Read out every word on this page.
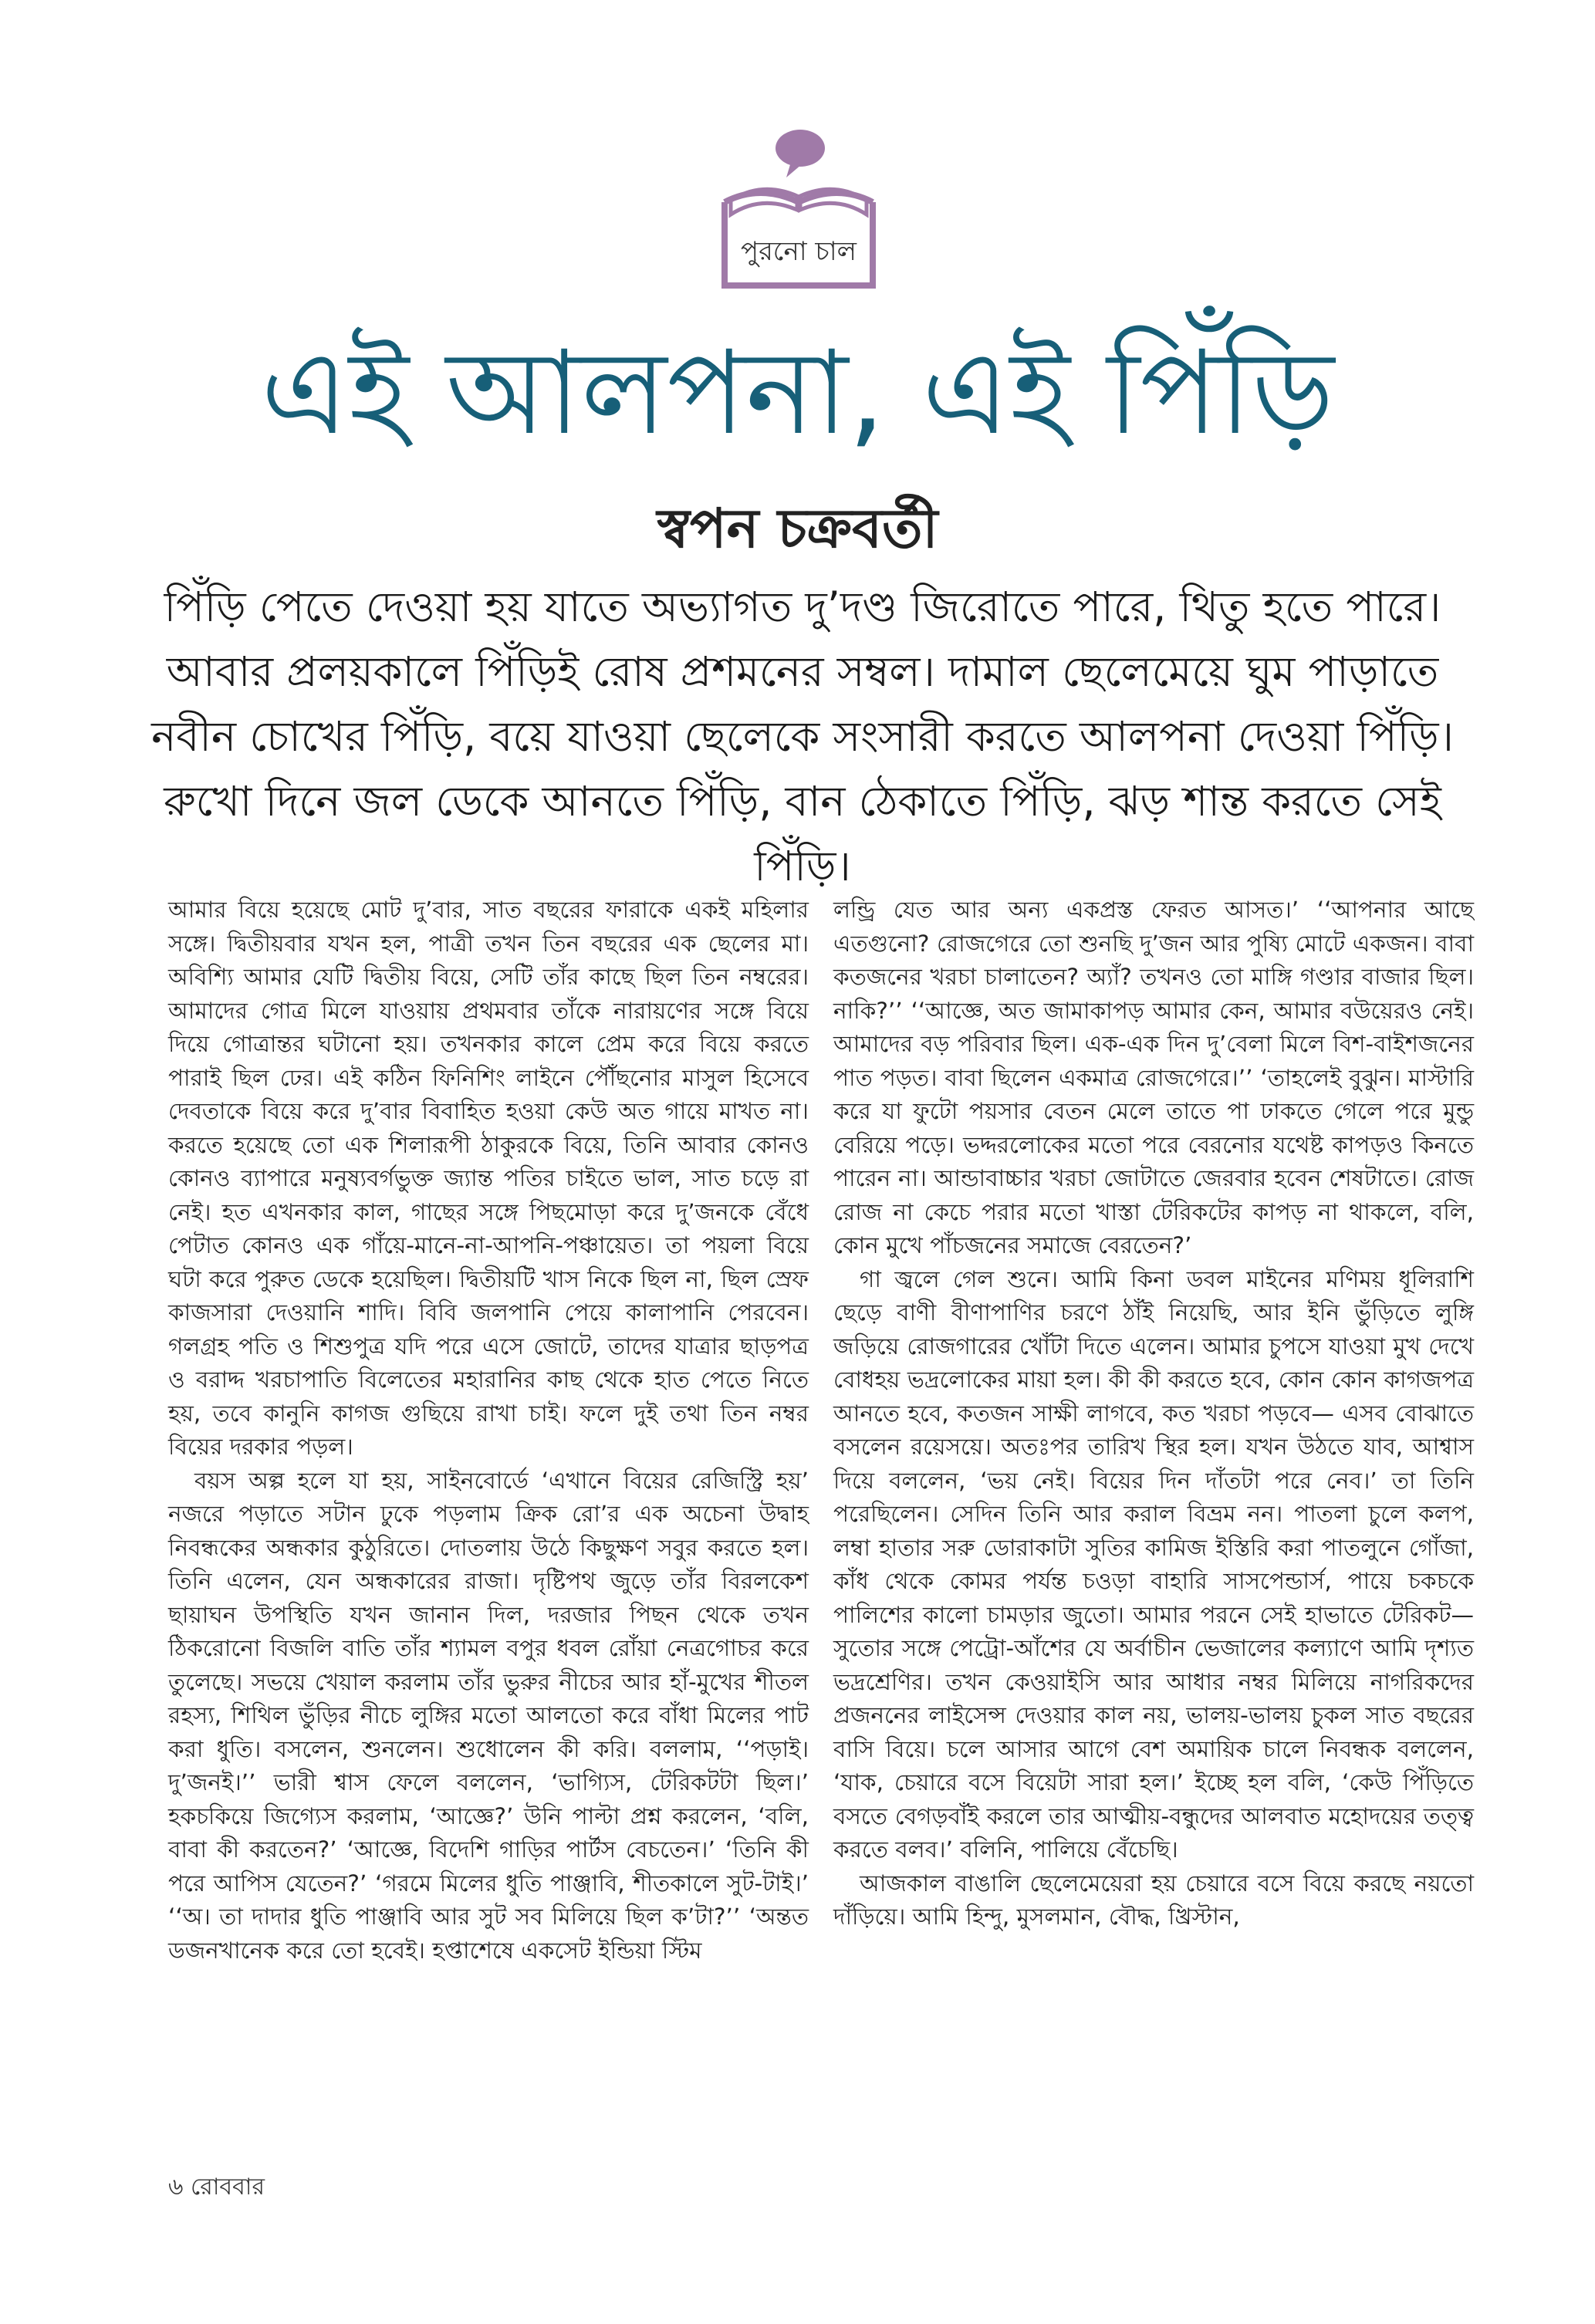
পুরনো চাল
এই আলপনা, এই পিঁড়ি
স্বপন চক্রবর্তী
পিঁড়ি পেতে দেওয়া হয় যাতে অভ্যাগত দু’দণ্ড জিরোতে পারে, থিতু হতে পারে। আবার প্রলয়কালে পিঁড়িই রোষ প্রশমনের সম্বল। দামাল ছেলেমেয়ে ঘুম পাড়াতে নবীন চোখের পিঁড়ি, বয়ে যাওয়া ছেলেকে সংসারী করতে আলপনা দেওয়া পিঁড়ি। রুখো দিনে জল ডেকে আনতে পিঁড়ি, বান ঠেকাতে পিঁড়ি, ঝড় শান্ত করতে সেই পিঁড়ি।

আমার বিয়ে হয়েছে মোট দু’বার, সাত বছরের ফারাকে একই মহিলার সঙ্গে। দ্বিতীয়বার যখন হল, পাত্রী তখন তিন বছরের এক ছেলের মা। অবিশ্যি আমার যেটি দ্বিতীয় বিয়ে, সেটি তাঁর কাছে ছিল তিন নম্বরের। আমাদের গোত্র মিলে যাওয়ায় প্রথমবার তাঁকে নারায়ণের সঙ্গে বিয়ে দিয়ে গোত্রান্তর ঘটানো হয়। তখনকার কালে প্রেম করে বিয়ে করতে পারাই ছিল ঢের। এই কঠিন ফিনিশিং লাইনে পৌঁছনোর মাসুল হিসেবে দেবতাকে বিয়ে করে দু’বার বিবাহিত হওয়া কেউ অত গায়ে মাখত না। করতে হয়েছে তো এক শিলারূপী ঠাকুরকে বিয়ে, তিনি আবার কোনও কোনও ব্যাপারে মনুষ্যবর্গভুক্ত জ্যান্ত পতির চাইতে ভাল, সাত চড়ে রা নেই। হত এখনকার কাল, গাছের সঙ্গে পিছমোড়া করে দু’জনকে বেঁধে পেটাত কোনও এক গাঁয়ে-মানে-না-আপনি-পঞ্চায়েত। তা পয়লা বিয়ে ঘটা করে পুরুত ডেকে হয়েছিল। দ্বিতীয়টি খাস নিকে ছিল না, ছিল স্রেফ কাজসারা দেওয়ানি শাদি। বিবি জলপানি পেয়ে কালাপানি পেরবেন। গলগ্রহ পতি ও শিশুপুত্র যদি পরে এসে জোটে, তাদের যাত্রার ছাড়পত্র ও বরাদ্দ খরচাপাতি বিলেতের মহারানির কাছ থেকে হাত পেতে নিতে হয়, তবে কানুনি কাগজ গুছিয়ে রাখা চাই। ফলে দুই তথা তিন নম্বর বিয়ের দরকার পড়ল।

বয়স অল্প হলে যা হয়, সাইনবোর্ডে ‘এখানে বিয়ের রেজিস্ট্রি হয়’ নজরে পড়াতে সটান ঢুকে পড়লাম ক্রিক রো’র এক অচেনা উদ্বাহ নিবন্ধকের অন্ধকার কুঠুরিতে। দোতলায় উঠে কিছুক্ষণ সবুর করতে হল। তিনি এলেন, যেন অন্ধকারের রাজা। দৃষ্টিপথ জুড়ে তাঁর বিরলকেশ ছায়াঘন উপস্থিতি যখন জানান দিল, দরজার পিছন থেকে তখন ঠিকরোনো বিজলি বাতি তাঁর শ্যামল বপুর ধবল রোঁয়া নেত্রগোচর করে তুলেছে। সভয়ে খেয়াল করলাম তাঁর ভুরুর নীচের আর হাঁ-মুখের শীতল রহস্য, শিথিল ভুঁড়ির নীচে লুঙ্গির মতো আলতো করে বাঁধা মিলের পাট করা ধুতি। বসলেন, শুনলেন। শুধোলেন কী করি। বললাম, ‘‘পড়াই। দু’জনই।’’ ভারী শ্বাস ফেলে বললেন, ‘ভাগ্যিস, টেরিকটটা ছিল।’ হকচকিয়ে জিগ্যেস করলাম, ‘আজ্ঞে?’ উনি পাল্টা প্রশ্ন করলেন, ‘বলি, বাবা কী করতেন?’ ‘আজ্ঞে, বিদেশি গাড়ির পার্টস বেচতেন।’ ‘তিনি কী পরে আপিস যেতেন?’ ‘গরমে মিলের ধুতি পাঞ্জাবি, শীতকালে সুট-টাই।’ ‘‘অ। তা দাদার ধুতি পাঞ্জাবি আর সুট সব মিলিয়ে ছিল ক’টা?’’ ‘অন্তত ডজনখানেক করে তো হবেই। হপ্তাশেষে একসেট ইন্ডিয়া স্টিম

লন্ড্রি যেত আর অন্য একপ্রস্ত ফেরত আসত।’ ‘‘আপনার আছে এতগুনো? রোজগেরে তো শুনছি দু’জন আর পুষ্যি মোটে একজন। বাবা কতজনের খরচা চালাতেন? অ্যাঁ? তখনও তো মাঙ্গি গণ্ডার বাজার ছিল। নাকি?’’ ‘‘আজ্ঞে, অত জামাকাপড় আমার কেন, আমার বউয়েরও নেই। আমাদের বড় পরিবার ছিল। এক-এক দিন দু’বেলা মিলে বিশ-বাইশজনের পাত পড়ত। বাবা ছিলেন একমাত্র রোজগেরে।’’ ‘তাহলেই বুঝুন। মাস্টারি করে যা ফুটো পয়সার বেতন মেলে তাতে পা ঢাকতে গেলে পরে মুন্ডু বেরিয়ে পড়ে। ভদ্দরলোকের মতো পরে বেরনোর যথেষ্ট কাপড়ও কিনতে পারেন না। আন্ডাবাচ্চার খরচা জোটাতে জেরবার হবেন শেষটাতে। রোজ রোজ না কেচে পরার মতো খাস্তা টেরিকটের কাপড় না থাকলে, বলি, কোন মুখে পাঁচজনের সমাজে বেরতেন?’

গা জ্বলে গেল শুনে। আমি কিনা ডবল মাইনের মণিময় ধূলিরাশি ছেড়ে বাণী বীণাপাণির চরণে ঠাঁই নিয়েছি, আর ইনি ভুঁড়িতে লুঙ্গি জড়িয়ে রোজগারের খোঁটা দিতে এলেন। আমার চুপসে যাওয়া মুখ দেখে বোধহয় ভদ্রলোকের মায়া হল। কী কী করতে হবে, কোন কোন কাগজপত্র আনতে হবে, কতজন সাক্ষী লাগবে, কত খরচা পড়বে— এসব বোঝাতে বসলেন রয়েসয়ে। অতঃপর তারিখ স্থির হল। যখন উঠতে যাব, আশ্বাস দিয়ে বললেন, ‘ভয় নেই। বিয়ের দিন দাঁতটা পরে নেব।’ তা তিনি পরেছিলেন। সেদিন তিনি আর করাল বিভ্রম নন। পাতলা চুলে কলপ, লম্বা হাতার সরু ডোরাকাটা সুতির কামিজ ইস্তিরি করা পাতলুনে গোঁজা, কাঁধ থেকে কোমর পর্যন্ত চওড়া বাহারি সাসপেন্ডার্স, পায়ে চকচকে পালিশের কালো চামড়ার জুতো। আমার পরনে সেই হাভাতে টেরিকট— সুতোর সঙ্গে পেট্রো-আঁশের যে অর্বাচীন ভেজালের কল্যাণে আমি দৃশ্যত ভদ্রশ্রেণির। তখন কেওয়াইসি আর আধার নম্বর মিলিয়ে নাগরিকদের প্রজননের লাইসেন্স দেওয়ার কাল নয়, ভালয়-ভালয় চুকল সাত বছরের বাসি বিয়ে। চলে আসার আগে বেশ অমায়িক চালে নিবন্ধক বললেন, ‘যাক, চেয়ারে বসে বিয়েটা সারা হল।’ ইচ্ছে হল বলি, ‘কেউ পিঁড়িতে বসতে বেগড়বাঁই করলে তার আত্মীয়-বন্ধুদের আলবাত মহোদয়ের তত্ত্ব করতে বলব।’ বলিনি, পালিয়ে বেঁচেছি।

আজকাল বাঙালি ছেলেমেয়েরা হয় চেয়ারে বসে বিয়ে করছে নয়তো দাঁড়িয়ে। আমি হিন্দু, মুসলমান, বৌদ্ধ, খ্রিস্টান,

৬ রোববার
